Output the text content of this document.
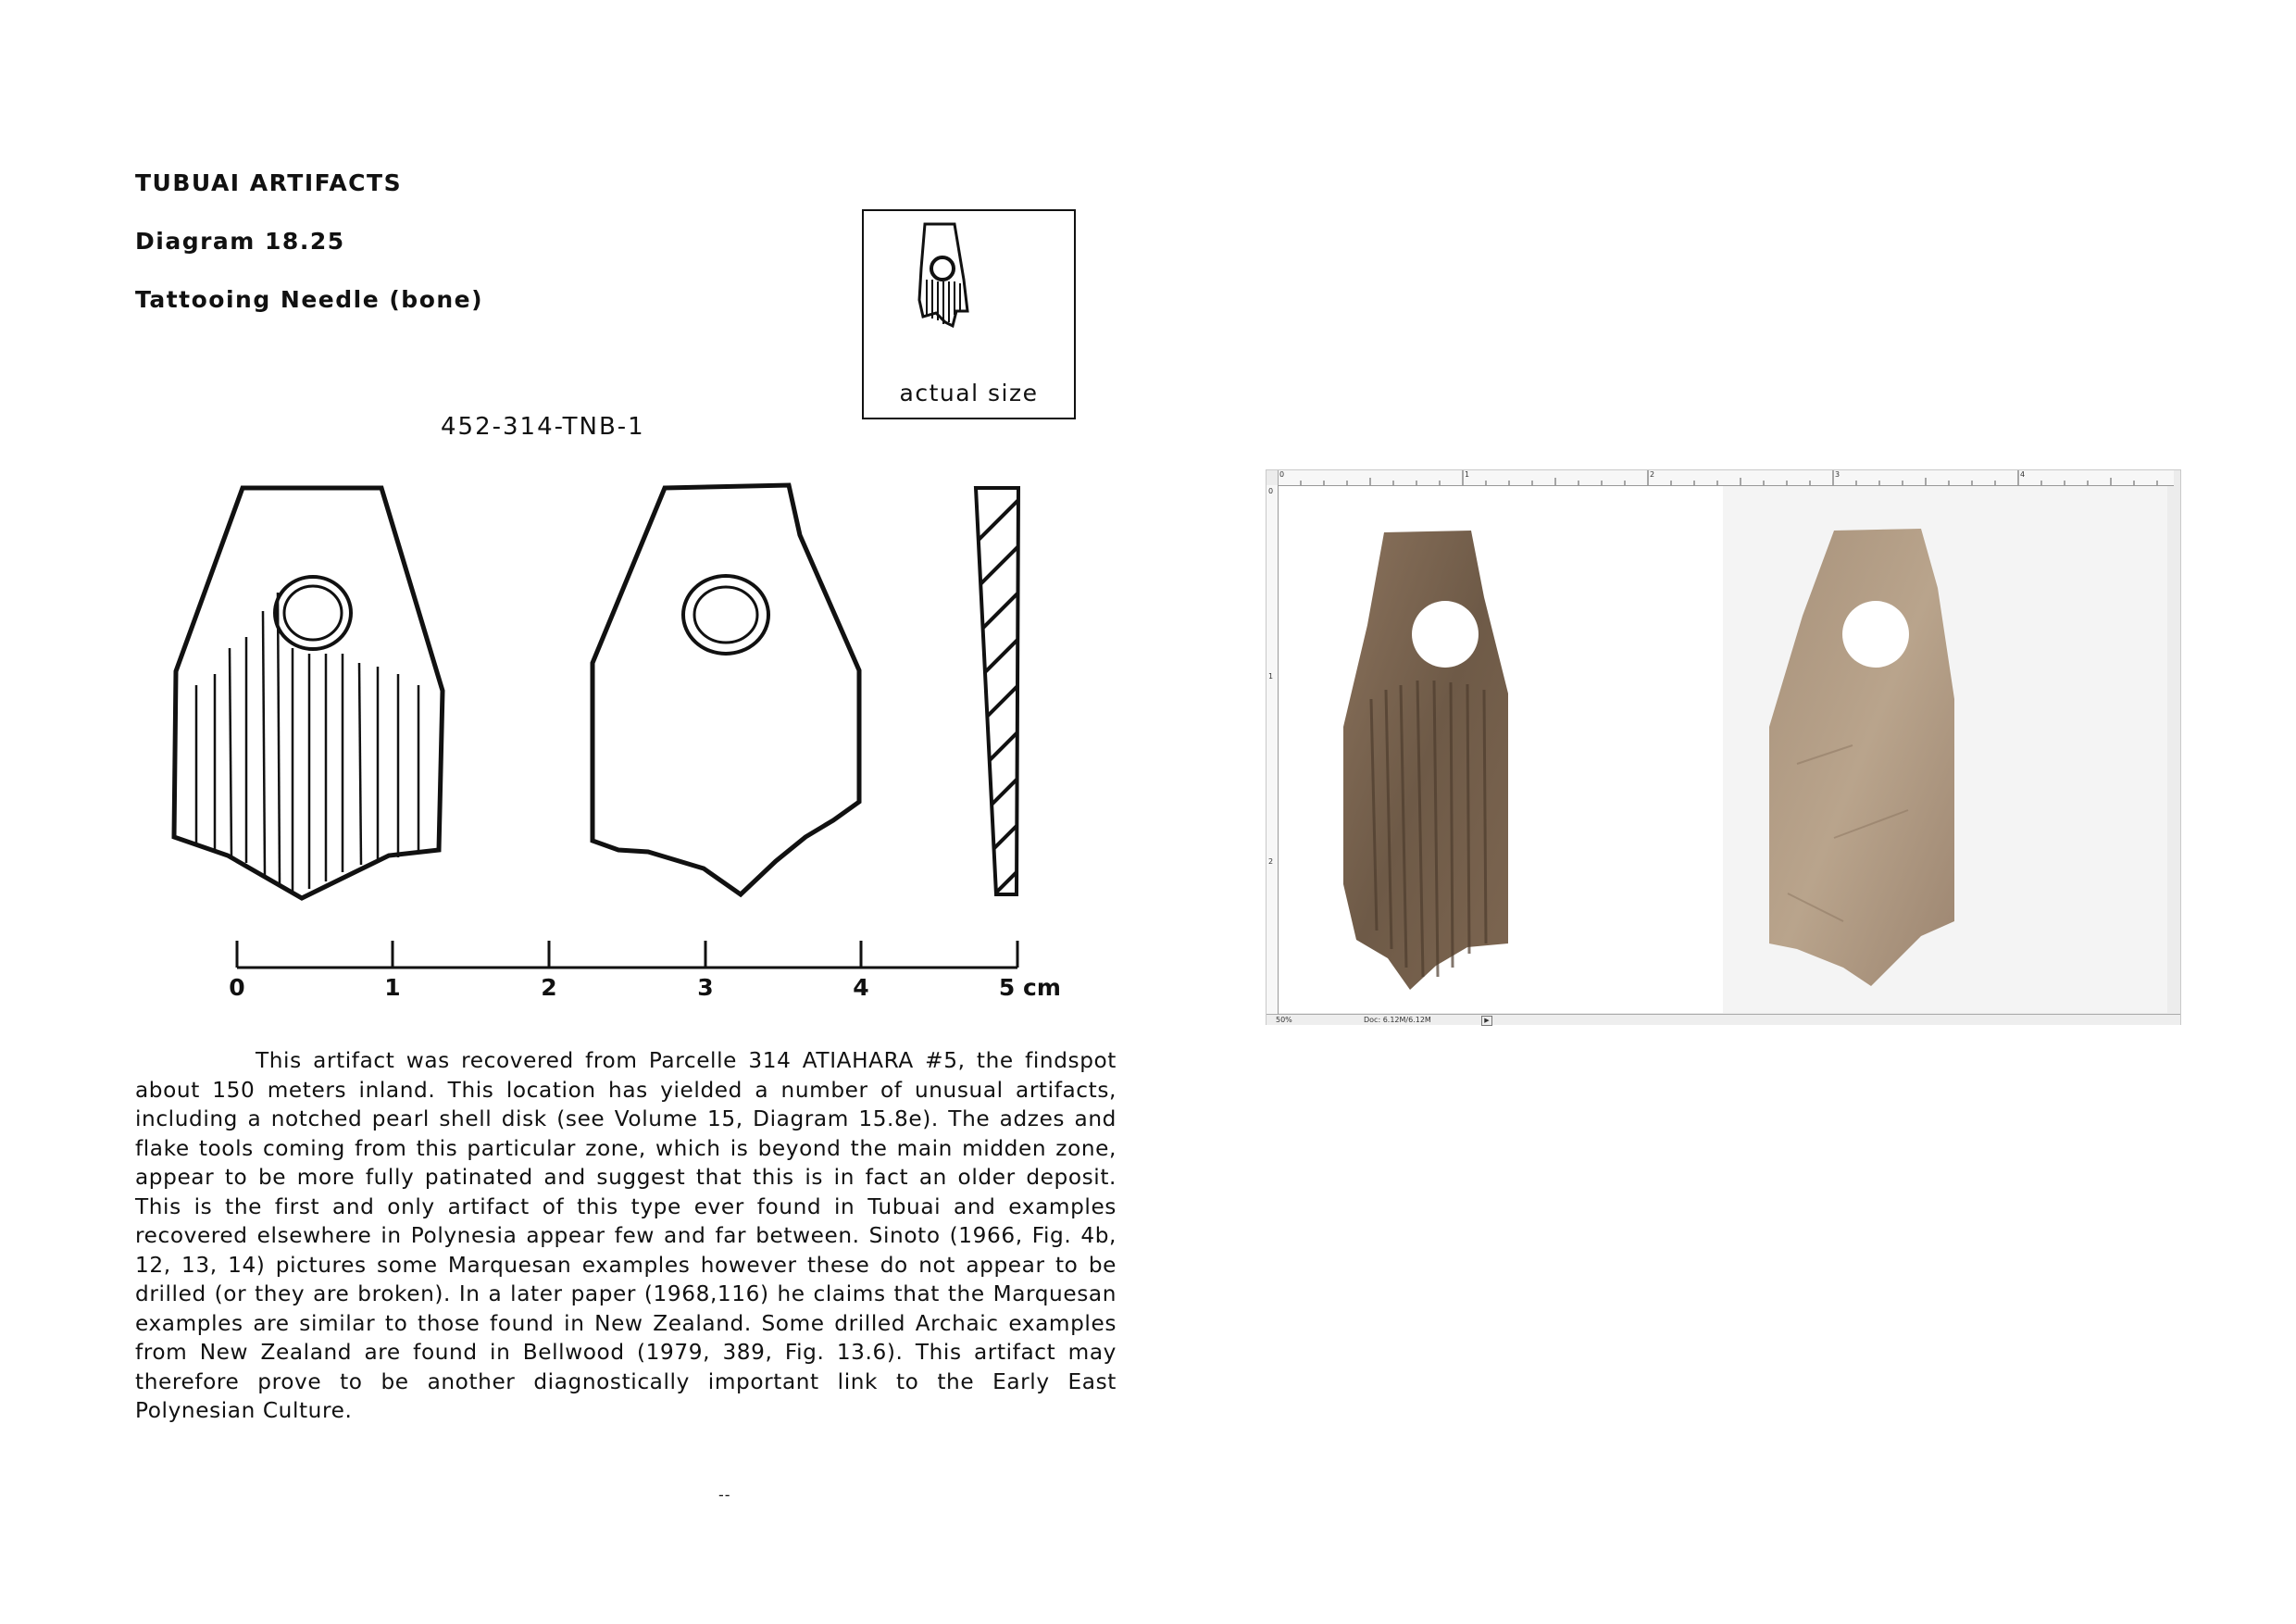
TUBUAI ARTIFACTS
Diagram 18.25
Tattooing Needle (bone)
actual size
452-314-TNB-1
0	1	2	3	4	5 cm
This artifact was recovered from Parcelle 314 ATIAHARA #5, the findspot about 150 meters inland. This location has yielded a number of unusual artifacts, including a notched pearl shell disk (see Volume 15, Diagram 15.8e). The adzes and flake tools coming from this particular zone, which is beyond the main midden zone, appear to be more fully patinated and suggest that this is in fact an older deposit. This is the first and only artifact of this type ever found in Tubuai and examples recovered elsewhere in Polynesia appear few and far between. Sinoto (1966, Fig. 4b, 12, 13, 14) pictures some Marquesan examples however these do not appear to be drilled (or they are broken). In a later paper (1968,116) he claims that the Marquesan examples are similar to those found in New Zealand. Some drilled Archaic examples from New Zealand are found in Bellwood (1979, 389, Fig. 13.6). This artifact may therefore prove to be another diagnostically important link to the Early East Polynesian Culture.
--
0	1	2	3	4
0
1
2
50%	Doc: 6.12M/6.12M	▶
